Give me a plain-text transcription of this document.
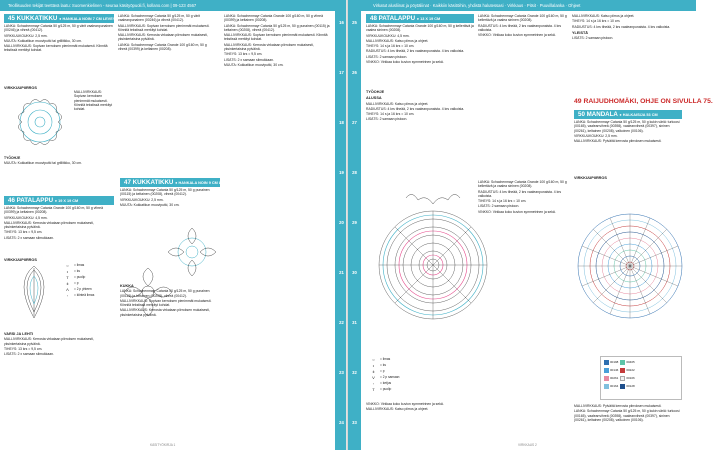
Teollisuuden tekijät teettävä laatu: Suomenkielinen - seuraa käsityöpuoli.fi, kollano.com | 09-123 4567
16
17
18
19
20
21
22
23
24
45 KUKKATIKKU ● HANKALA NOIN 7 CM LEVEYS 5 CM

LANKA: Schachenmayr Catania 50 g/125 m, 50 g värit vaaleanpunainen (00246) ja vihreä (00412).

VIRKKUUKOUKKU: 2,5 mm.

MUUTA: Kukkatikun muoviputki tai grillitikku, 30 cm.

MALLIVIRKKAUS: Sopivan kerroksen pienimmät mukaisesti. Kiinnitä tekstissä merkityt kohdat.

VIRKKUUPIIRROS

MALLIVIRKKAUS: Sopivan kerroksen pienimmät mukaisesti. Kiinnitä tekstissä merkityt kohdat.

TYÖOHJE

MUUTA: Kukkatikun muoviputki tai grillitikku, 30 cm.

46 PATALAPPU ● 19 X 19 CM

LANKA: Schachenmayr Catania Grande 100 g/160 m, 50 g vihreä (00399) ja keltainen (00208).

VIRKKUUKOUKKU: 4,5 mm.

MALLIVIRKKAUS: Kerrosta virkataan piirroksen mukaisesti, yksinkertaisina pylväinä.

TIHEYS: 13 krs = 9,5 cm.

LISÄTS: 2 x samaan silmukkaan.

VIRKKUUPIIRROS
○	= ilmas
•	= ks
T	= puolip
ǂ	= p
Λ	= 2 p yhteen
◦	= kiinteä ilmas

VARSI JA LEHTI

MALLIVIRKKAUS: Kerrosta virkataan piirroksen mukaisesti, yksinkertaisina pylväinä.

TIHEYS: 13 krs = 9,5 cm.

LISÄTS: 2 x samaan silmukkaan.

LANKA: Schachenmayr Catania 50 g/125 m, 50 g värit vaaleanpunainen (00246) ja vihreä (00412).

MALLIVIRKKAUS: Sopivan kerroksen pienimmät mukaisesti. Kiinnitä tekstissä merkityt kohdat.

MALLIVIRKKAUS: Kerrosta virkataan piirroksen mukaisesti, yksinkertaisina pylväinä.

LANKA: Schachenmayr Catania Grande 100 g/160 m, 50 g vihreä (00399) ja keltainen (00208).

47 KUKKATIKKU ● HANKALA NOIN 9 CM LEVEYS 7 CM

LANKA: Schachenmayr Catania 50 g/125 m, 50 g punainen (00115) ja keltainen (00208), vihreä (00412).

VIRKKUUKOUKKU: 2,5 mm.

MUUTA: Kukkatikun muoviputki, 30 cm.

KUKKA

LANKA: Schachenmayr Catania 50 g/125 m, 50 g punainen (00115) ja keltainen (00208), vihreä (00412).

MALLIVIRKKAUS: Sopivan kerroksen pienimmät mukaisesti. Kiinnitä tekstissä merkityt kohdat.

MALLIVIRKKAUS: Kerrosta virkataan piirroksen mukaisesti, yksinkertaisina pylväinä.

LANKA: Schachenmayr Catania Grande 100 g/160 m, 50 g vihreä (00399) ja keltainen (00208).

LANKA: Schachenmayr Catania 50 g/125 m, 50 g punainen (00115) ja keltainen (00208), vihreä (00412).

MALLIVIRKKAUS: Sopivan kerroksen pienimmät mukaisesti. Kiinnitä tekstissä merkityt kohdat.

MALLIVIRKKAUS: Kerrosta virkataan piirroksen mukaisesti, yksinkertaisina pylväinä.

TIHEYS: 13 krs = 9,5 cm.

LISÄTS: 2 x samaan silmukkaan.

MUUTA: Kukkatikun muoviputki, 30 cm.

KÄSITYÖKIRJA 1
Virkatut alusliinat ja pöytäliinat · Kaikkiin käsitöihin, yhdistä halutessasi · Virkkaus · Pitsit · Puuvillalanka · Ohjeet
25
26
27
28
29
30
31
32
33
48 PATALAPPU ● 13 X 19 CM

LANKA: Schachenmayr Catania Grande 100 g/160 m, 50 g kellertävä ja vaalea sininen (00208).

VIRKKUUKOUKKU: 4,5 mm.

MALLIVIRKKAUS: Katso piirros ja ohjeet.

TIHEYS: 14 s ja 16 krs = 10 cm.

RADIUSTUS: 4 krs tiheää, 2 krs vaaleanpunaista. 4 krs valkoista.

LISÄTS: 2 samaan pistoon.

VINKKO: Virkkaa koko kuvion symmetrinen ja sekä.

TYÖOHJE

ALUSSA

MALLIVIRKKAUS: Katso piirros ja ohjeet.

RADIUSTUS: 4 krs tiheää, 2 krs vaaleanpunaista. 4 krs valkoista.

TIHEYS: 14 s ja 16 krs = 10 cm.

LISÄTS: 2 samaan pistoon.

LANKA: Schachenmayr Catania Grande 100 g/160 m, 50 g kellertävä ja vaalea sininen (00208).

RADIUSTUS: 4 krs tiheää, 2 krs vaaleanpunaista. 4 krs valkoista.

VINKKO: Virkkaa koko kuvion symmetrinen ja sekä.

MALLIVIRKKAUS: Katso piirros ja ohjeet.

TIHEYS: 14 s ja 16 krs = 10 cm.

RADIUSTUS: 4 krs tiheää, 2 krs vaaleanpunaista. 4 krs valkoista.

YLEISTÄ

LISÄTS: 2 samaan pistoon.

49 RAIJUDHOMÄKI, OHJE ON SIVULLA 75.
50 MANDALA ● HALKAISIJA 53 CM

LANKA: Schachenmayr Catania 50 g/125 m, 50 g kukin väriä: turkoosi (00165), vaaleanvihreä (00398), vaaleanvihreä (00397), sininen (00261), keltainen (00208), valkoinen (00106).

VIRKKUUKOUKKU: 2,5 mm.

MALLIVIRKKAUS: Pylväitä kerrosta piirroksen mukaisesti.

○	= ilmas
•	= ks
ǂ	= p
V	= 2 p samaan
◦	= ketjus
T	= puolip

VINKKO: Virkkaa koko kuvion symmetrinen ja sekä.

MALLIVIRKKAUS: Katso piirros ja ohjeet.

LANKA: Schachenmayr Catania Grande 100 g/160 m, 50 g kellertävä ja vaalea sininen (00208).

RADIUSTUS: 4 krs tiheää, 2 krs vaaleanpunaista. 4 krs valkoista.

TIHEYS: 14 s ja 16 krs = 10 cm.

LISÄTS: 2 samaan pistoon.

VINKKO: Virkkaa koko kuvion symmetrinen ja sekä.

VIRKKUUPIIRROS
00198	00405
00146	00222
00261	00106
00164	00128

MALLIVIRKKAUS: Pylväitä kerrosta piirroksen mukaisesti.

LANKA: Schachenmayr Catania 50 g/125 m, 50 g kukin väriä: turkoosi (00165), vaaleanvihreä (00398), vaaleanvihreä (00397), sininen (00261), keltainen (00208), valkoinen (00106).

VIRKKAUS 2
